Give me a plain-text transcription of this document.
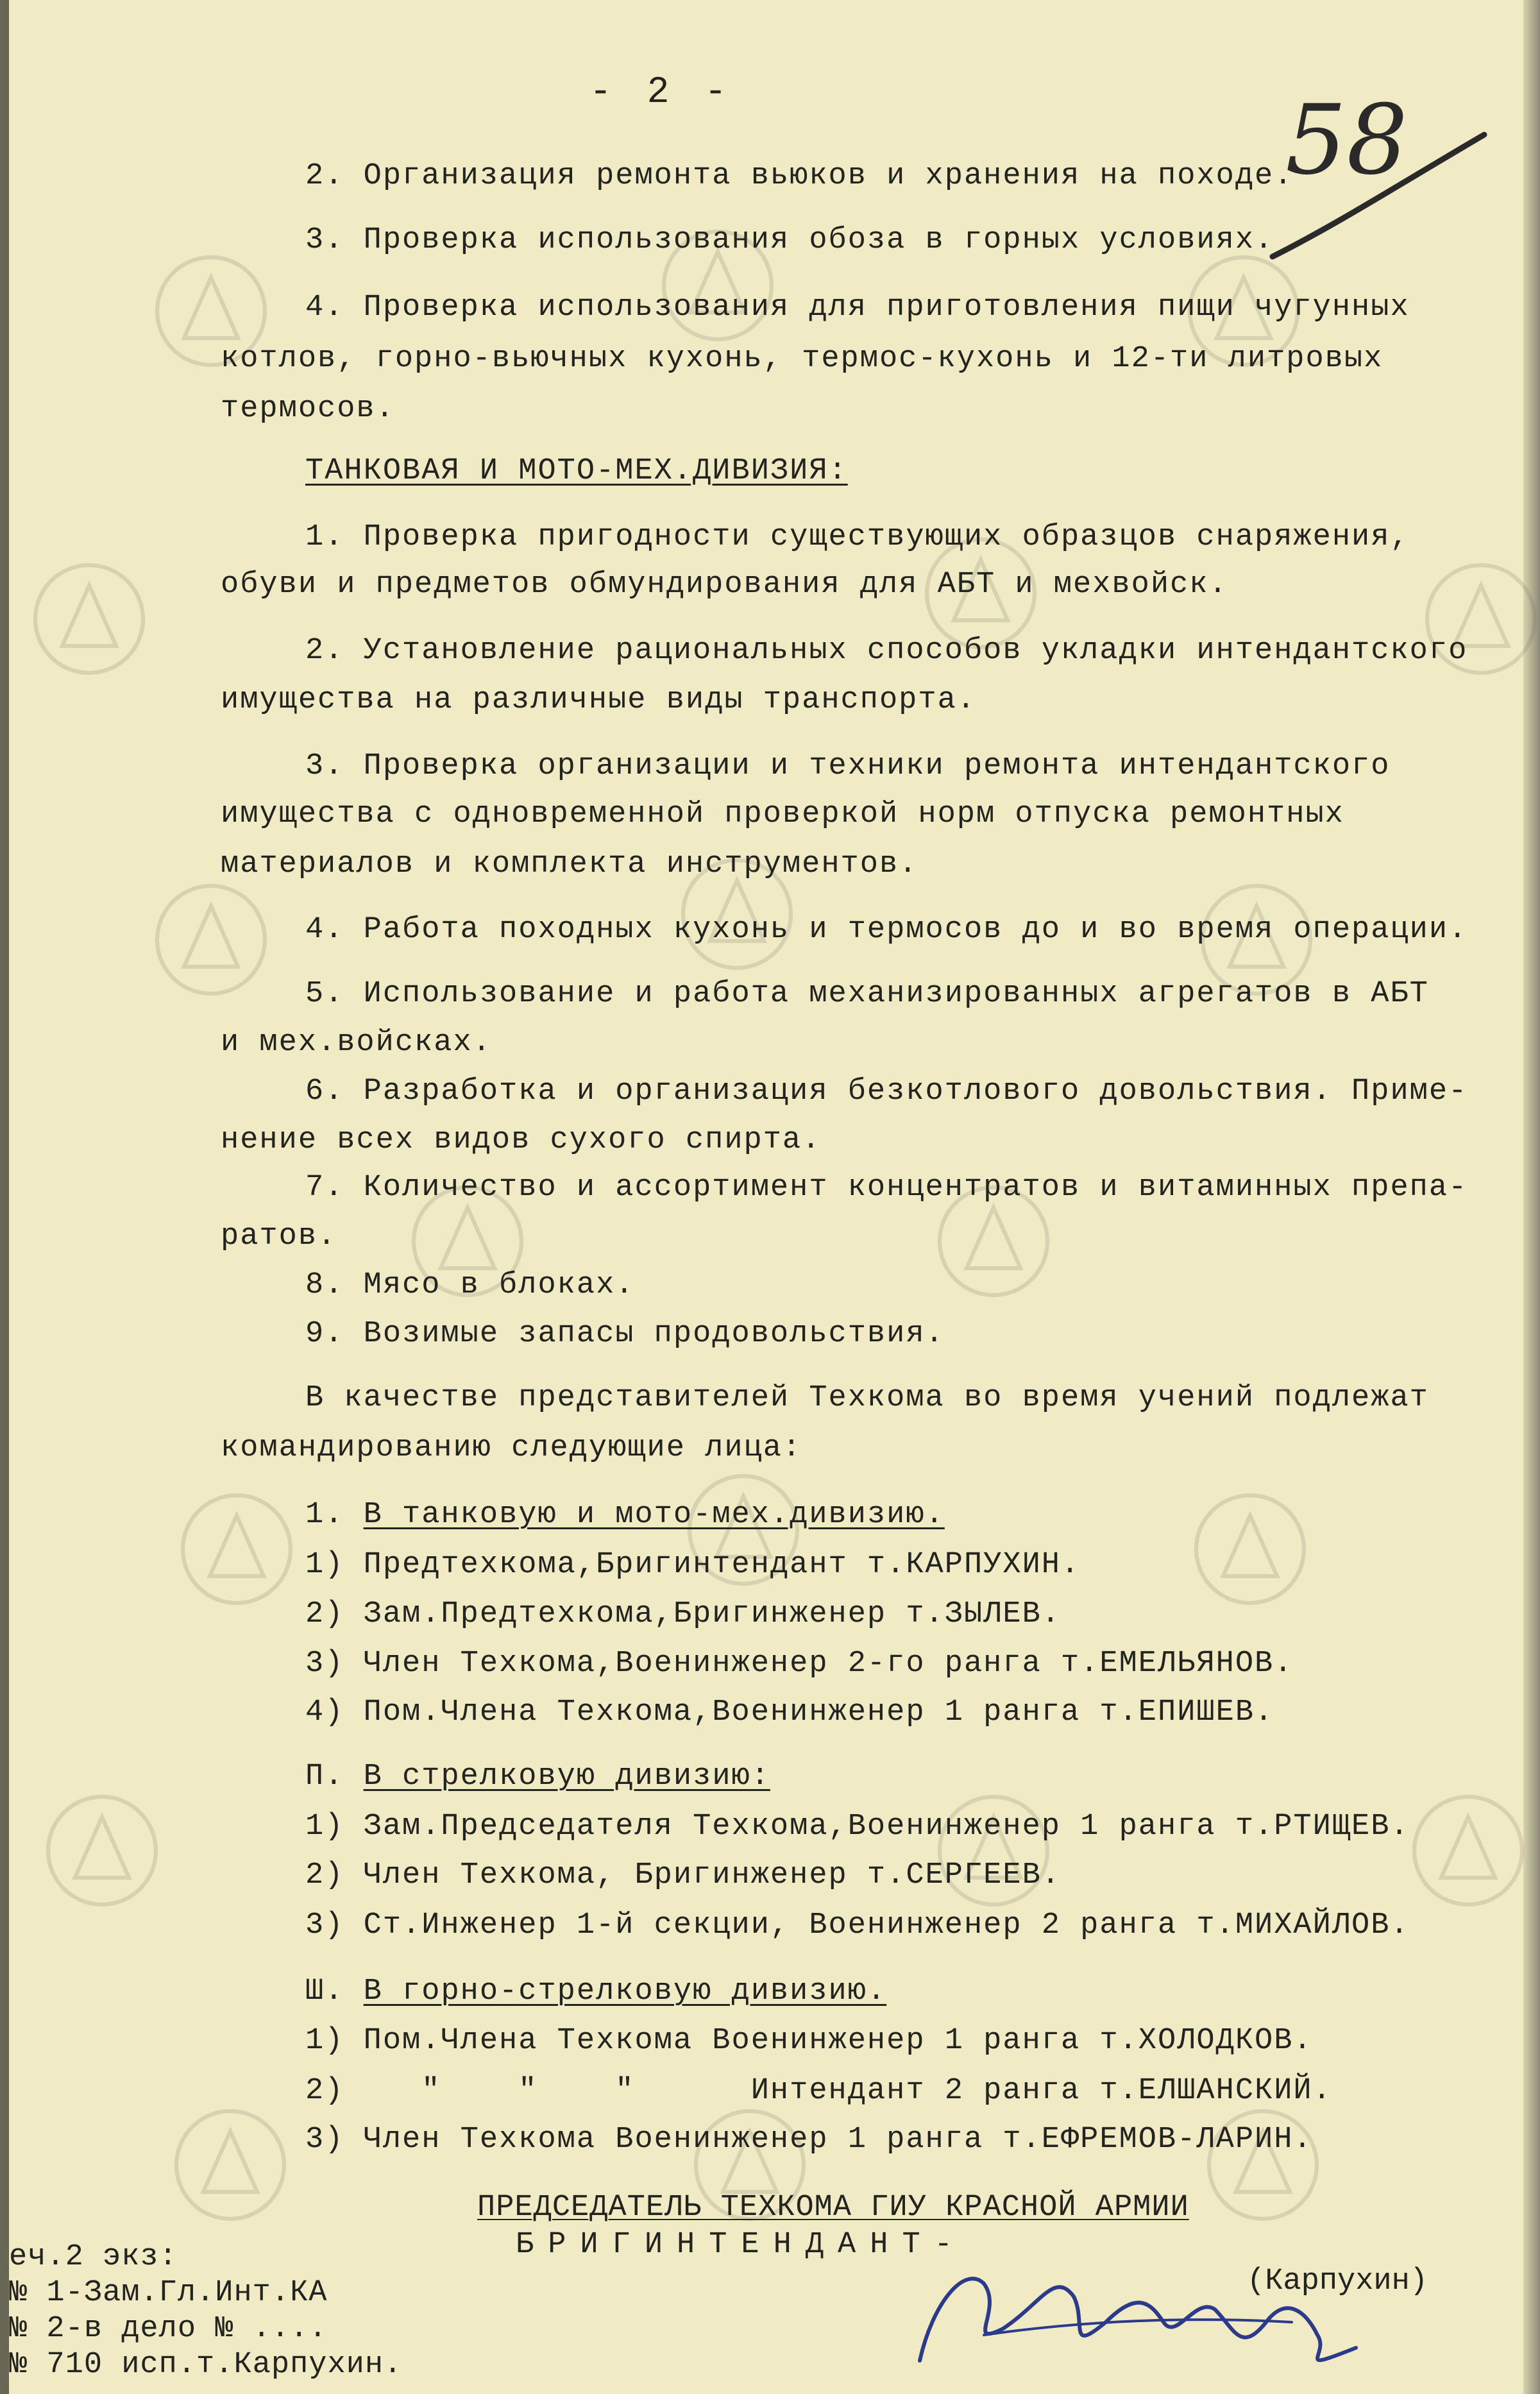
- 2 -	58
2. Организация ремонта вьюков и хранения на походе.
3. Проверка использования обоза в горных условиях.
4. Проверка использования для приготовления пищи чугунных
котлов, горно-вьючных кухонь, термос-кухонь и 12-ти литровых
термосов.
ТАНКОВАЯ И МОТО-МЕХ.ДИВИЗИЯ:
1. Проверка пригодности существующих образцов снаряжения,
обуви и предметов обмундирования для АБТ и мехвойск.
2. Установление рациональных способов укладки интендантского
имущества на различные виды транспорта.
3. Проверка организации и техники ремонта интендантского
имущества с одновременной проверкой норм отпуска ремонтных
материалов и комплекта инструментов.
4. Работа походных кухонь и термосов до и во время операции.
5. Использование и работа механизированных агрегатов в АБТ
и мех.войсках.
6. Разработка и организация безкотлового довольствия. Приме-
нение всех видов сухого спирта.
7. Количество и ассортимент концентратов и витаминных препа-
ратов.
8. Мясо в блоках.
9. Возимые запасы продовольствия.
В качестве представителей Техкома во время учений подлежат
командированию следующие лица:
1. В танковую и мото-мех.дивизию.
1) Предтехкома,Бригинтендант т.КАРПУХИН.
2) Зам.Предтехкома,Бригинженер т.ЗЫЛЕВ.
3) Член Техкома,Военинженер 2-го ранга т.ЕМЕЛЬЯНОВ.
4) Пом.Члена Техкома,Военинженер 1 ранга т.ЕПИШЕВ.
П. В стрелковую дивизию:
1) Зам.Председателя Техкома,Военинженер 1 ранга т.РТИЩЕВ.
2) Член Техкома, Бригинженер т.СЕРГЕЕВ.
3) Ст.Инженер 1-й секции, Военинженер 2 ранга т.МИХАЙЛОВ.
Ш. В горно-стрелковую дивизию.
1) Пом.Члена Техкома Военинженер 1 ранга т.ХОЛОДКОВ.
2)    "    "    "      Интендант 2 ранга т.ЕЛШАНСКИЙ.
3) Член Техкома Военинженер 1 ранга т.ЕФРЕМОВ-ЛАРИН.
ПРЕДСЕДАТЕЛЬ ТЕХКОМА ГИУ КРАСНОЙ АРМИИ
БРИГИНТЕНДАНТ-
(Карпухин)
еч.2 экз:
№ 1-Зам.Гл.Инт.КА
№ 2-в дело № ....
№ 710 исп.т.Карпухин.
